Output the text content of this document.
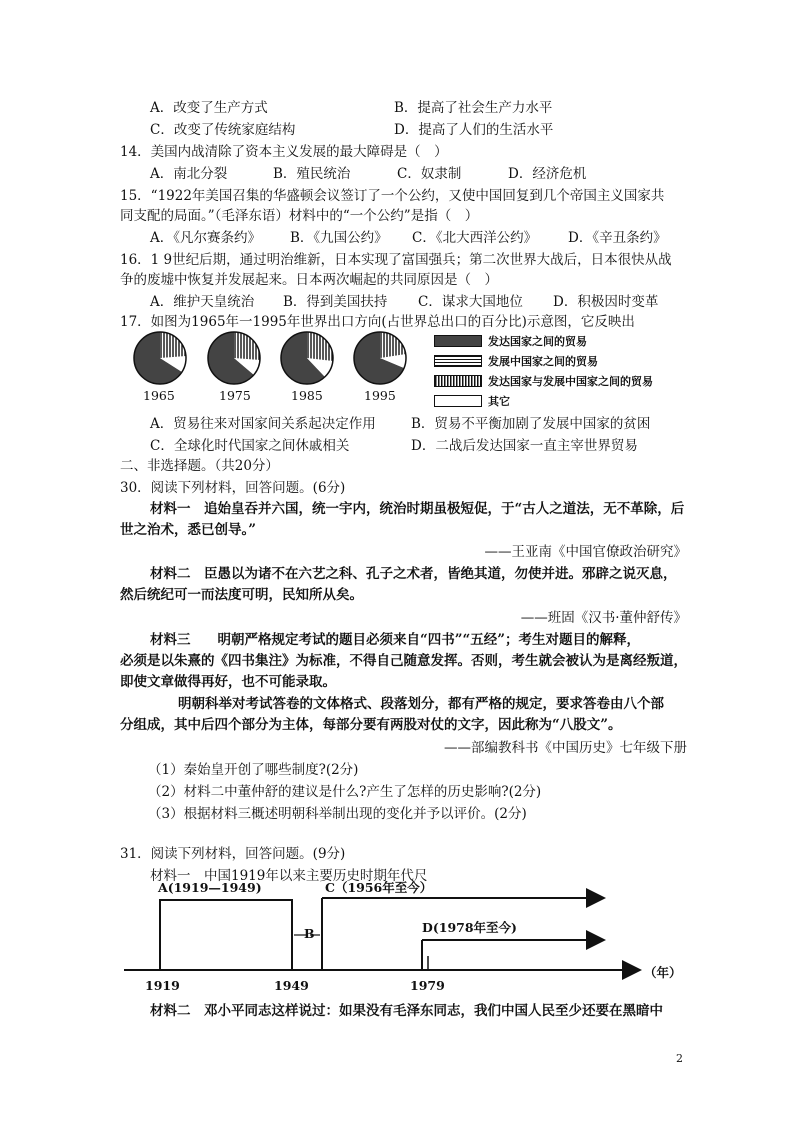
A．改变了生产方式	B．提高了社会生产力水平
C．改变了传统家庭结构	D．提高了人们的生活水平
14．美国内战清除了资本主义发展的最大障碍是（　）
A．南北分裂	B．殖民统治	C．奴隶制	D．经济危机
15．“1922年美国召集的华盛顿会议签订了一个公约，又使中国回复到几个帝国主义国家共
同支配的局面。”（毛泽东语）材料中的“一个公约”是指（　）
A．《凡尔赛条约》 B．《九国公约》 C．《北大西洋公约》 D．《辛丑条约》
16．1 9世纪后期，通过明治维新，日本实现了富国强兵；第二次世界大战后，日本很快从战
争的废墟中恢复并发展起来。日本两次崛起的共同原因是（　）
A．维护天皇统治 B．得到美国扶持 C．谋求大国地位 D．积极因时变革
17．如图为1965年一1995年世界出口方向(占世界总出口的百分比)示意图，它反映出
1965	1975	1985	1995
发达国家之间的贸易
发展中国家之间的贸易
发达国家与发展中国家之间的贸易
其它
A．贸易往来对国家间关系起决定作用	B．贸易不平衡加剧了发展中国家的贫困
C．全球化时代国家之间休戚相关	D．二战后发达国家一直主宰世界贸易
二、非选择题。（共20分）
30．阅读下列材料，回答问题。(6分)
材料一　追始皇吞并六国，统一宇内，统治时期虽极短促，于“古人之道法，无不革除，后
世之治术，悉已创导。”
——王亚南《中国官僚政治研究》
材料二　臣愚以为诸不在六艺之科、孔子之术者，皆绝其道，勿使并进。邪辟之说灭息，
然后统纪可一而法度可明，民知所从矣。
——班固《汉书·董仲舒传》
材料三　　明朝严格规定考试的题目必须来自“四书”“五经”；考生对题目的解释，
必须是以朱熹的《四书集注》为标准，不得自己随意发挥。否则，考生就会被认为是离经叛道，
即使文章做得再好，也不可能录取。
明朝科举对考试答卷的文体格式、段落划分，都有严格的规定，要求答卷由八个部
分组成，其中后四个部分为主体，每部分要有两股对仗的文字，因此称为“八股文”。
——部编教科书《中国历史》七年级下册
（1）秦始皇开创了哪些制度?(2分)
（2）材料二中董仲舒的建议是什么?产生了怎样的历史影响?(2分)
（3）根据材料三概述明朝科举制出现的变化并予以评价。(2分)
31．阅读下列材料，回答问题。(9分)
材料一　中国1919年以来主要历史时期年代尺
A(1919—1949)	C（1956年至今）
D(1978年至今)
B
1919	1949	1979
（年）
材料二　邓小平同志这样说过：如果没有毛泽东同志，我们中国人民至少还要在黑暗中
2
